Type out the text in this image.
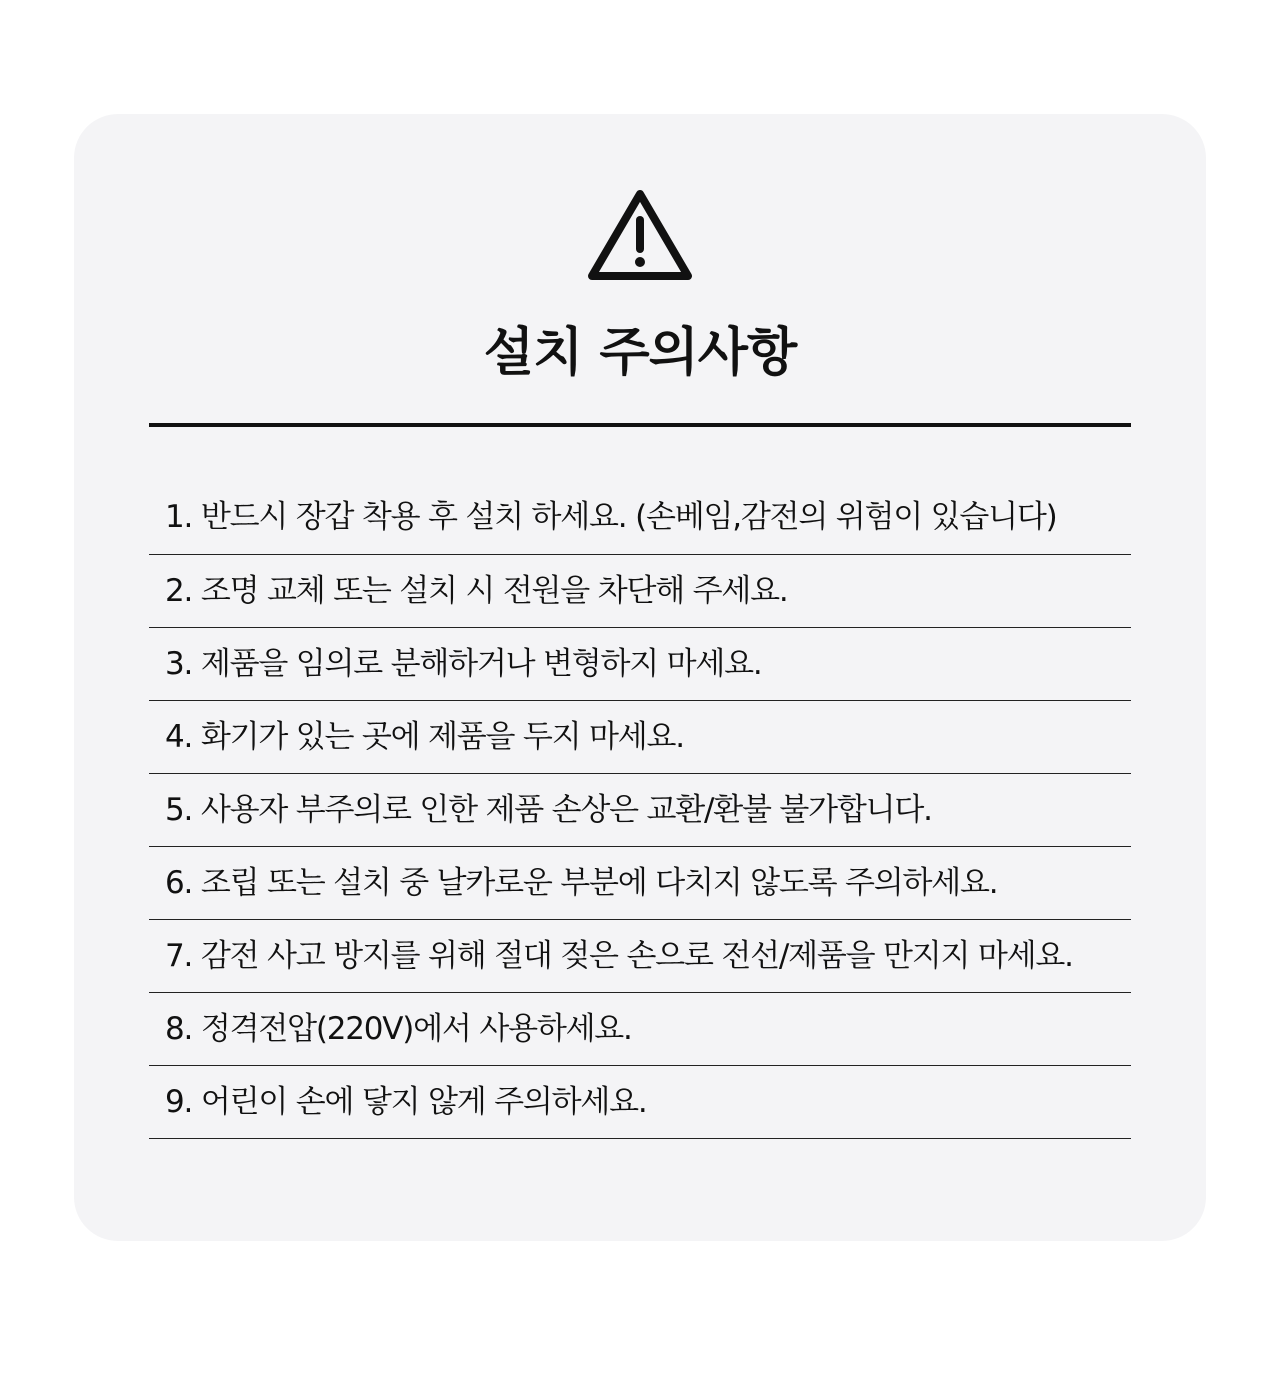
설치 주의사항
1. 반드시 장갑 착용 후 설치 하세요. (손베임,감전의 위험이 있습니다)
2. 조명 교체 또는 설치 시 전원을 차단해 주세요.
3. 제품을 임의로 분해하거나 변형하지 마세요.
4. 화기가 있는 곳에 제품을 두지 마세요.
5. 사용자 부주의로 인한 제품 손상은 교환/환불 불가합니다.
6. 조립 또는 설치 중 날카로운 부분에 다치지 않도록 주의하세요.
7. 감전 사고 방지를 위해 절대 젖은 손으로 전선/제품을 만지지 마세요.
8. 정격전압(220V)에서 사용하세요.
9. 어린이 손에 닿지 않게 주의하세요.
